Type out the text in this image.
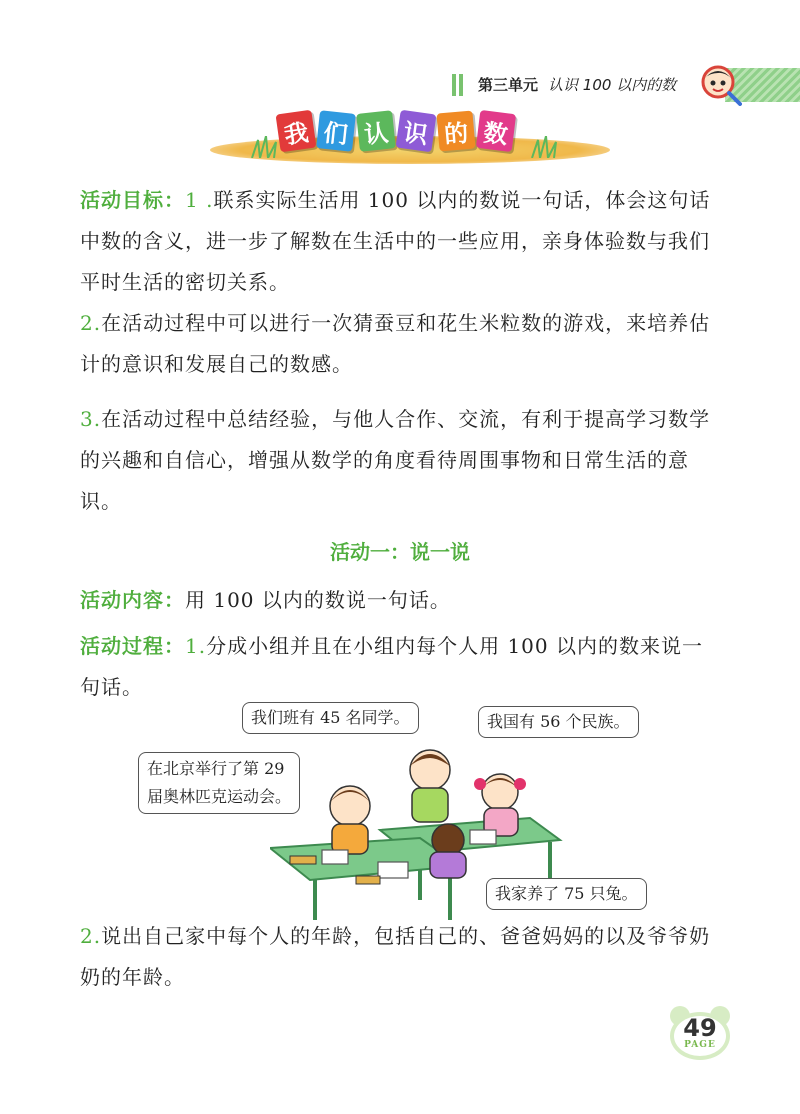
第三单元 认识 100 以内的数
我 们 认 识 的 数
活动目标：1 .联系实际生活用 100 以内的数说一句话，体会这句话中数的含义，进一步了解数在生活中的一些应用，亲身体验数与我们平时生活的密切关系。
2.在活动过程中可以进行一次猜蚕豆和花生米粒数的游戏，来培养估计的意识和发展自己的数感。
3.在活动过程中总结经验，与他人合作、交流，有利于提高学习数学的兴趣和自信心，增强从数学的角度看待周围事物和日常生活的意识。
活动一：说一说
活动内容：用 100 以内的数说一句话。
活动过程：1.分成小组并且在小组内每个人用 100 以内的数来说一句话。
我们班有 45 名同学。	我国有 56 个民族。
在北京举行了第 29
届奥林匹克运动会。
我家养了 75 只兔。
2.说出自己家中每个人的年龄，包括自己的、爸爸妈妈的以及爷爷奶奶的年龄。
49
PAGE
